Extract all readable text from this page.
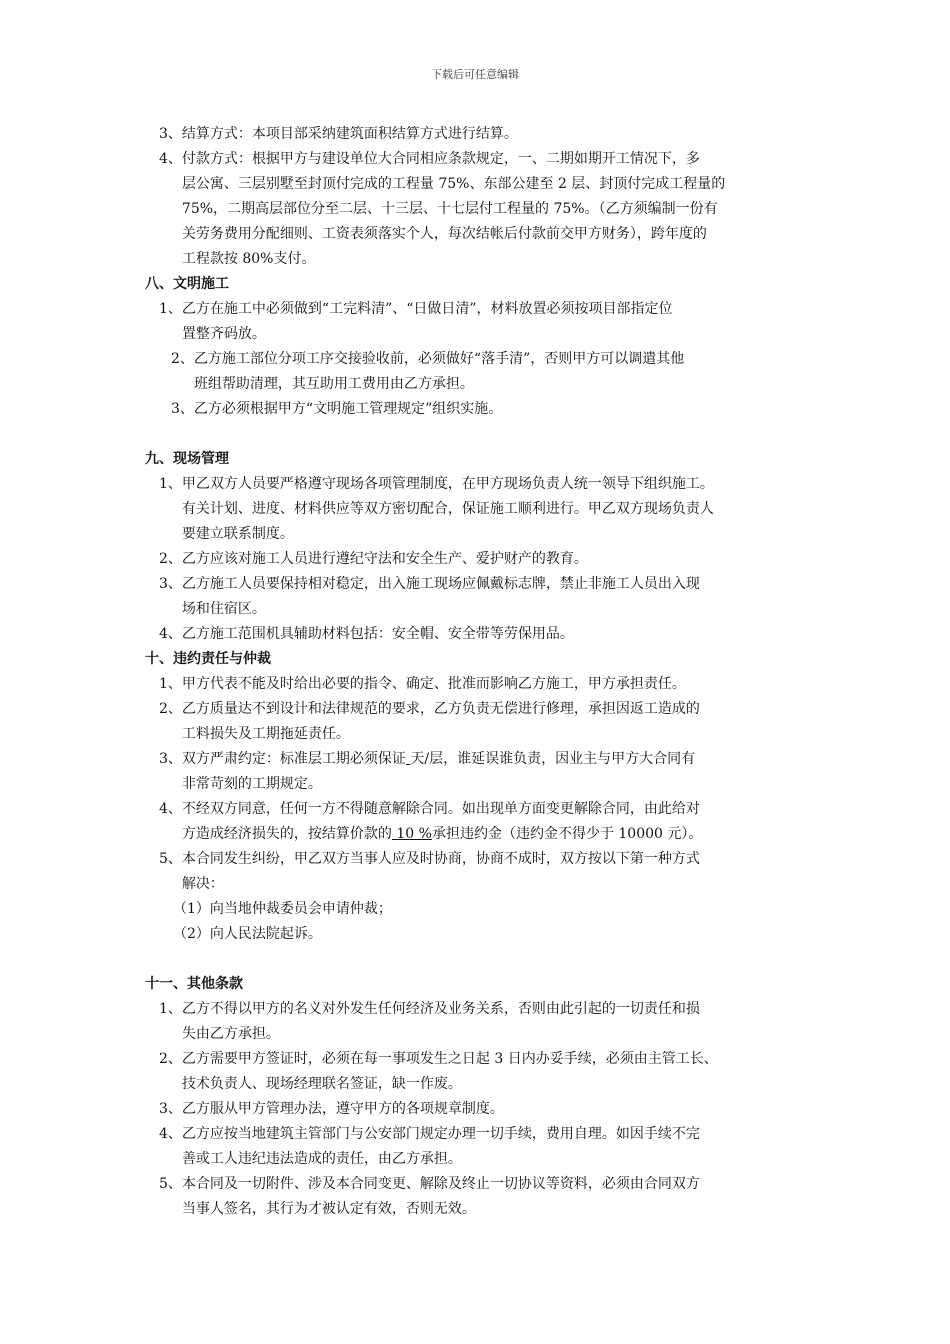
下载后可任意编辑
3、 结算方式：本项目部采纳建筑面积结算方式进行结算。
4、 付款方式：根据甲方与建设单位大合同相应条款规定，一、二期如期开工情况下，多
层公寓、三层别墅至封顶付完成的工程量 75%、东部公建至 2 层、封顶付完成工程量的
75%，二期高层部位分至二层、十三层、十七层付工程量的 75%。（乙方须编制一份有
关劳务费用分配细则、工资表须落实个人，每次结帐后付款前交甲方财务），跨年度的
工程款按 80%支付。
八、文明施工
1、 乙方在施工中必须做到“工完料清”、“日做日清”，材料放置必须按项目部指定位
置整齐码放。
2、 乙方施工部位分项工序交接验收前，必须做好“落手清”，否则甲方可以调遣其他
班组帮助清理，其互助用工费用由乙方承担。
3、 乙方必须根据甲方“文明施工管理规定”组织实施。
九、现场管理
1、 甲乙双方人员要严格遵守现场各项管理制度，在甲方现场负责人统一领导下组织施工。
有关计划、进度、材料供应等双方密切配合，保证施工顺利进行。甲乙双方现场负责人
要建立联系制度。
2、 乙方应该对施工人员进行遵纪守法和安全生产、爱护财产的教育。
3、 乙方施工人员要保持相对稳定，出入施工现场应佩戴标志牌，禁止非施工人员出入现
场和住宿区。
4、 乙方施工范围机具辅助材料包括：安全帽、安全带等劳保用品。
十、违约责任与仲裁
1、 甲方代表不能及时给出必要的指令、确定、批准而影响乙方施工，甲方承担责任。
2、 乙方质量达不到设计和法律规范的要求，乙方负责无偿进行修理，承担因返工造成的
工料损失及工期拖延责任。
3、 双方严肃约定：标准层工期必须保证 天/层，谁延误谁负责，因业主与甲方大合同有
非常苛刻的工期规定。
4、 不经双方同意，任何一方不得随意解除合同。如出现单方面变更解除合同，由此给对
方造成经济损失的，按结算价款的 10 %承担违约金（违约金不得少于 10000 元）。
5、 本合同发生纠纷，甲乙双方当事人应及时协商，协商不成时，双方按以下第一种方式
解决：
（1）向当地仲裁委员会申请仲裁；
（2）向人民法院起诉。
十一、其他条款
1、 乙方不得以甲方的名义对外发生任何经济及业务关系，否则由此引起的一切责任和损
失由乙方承担。
2、 乙方需要甲方签证时，必须在每一事项发生之日起 3 日内办妥手续，必须由主管工长、
技术负责人、现场经理联名签证，缺一作废。
3、 乙方服从甲方管理办法，遵守甲方的各项规章制度。
4、 乙方应按当地建筑主管部门与公安部门规定办理一切手续，费用自理。如因手续不完
善或工人违纪违法造成的责任，由乙方承担。
5、 本合同及一切附件、涉及本合同变更、解除及终止一切协议等资料，必须由合同双方
当事人签名，其行为才被认定有效，否则无效。
